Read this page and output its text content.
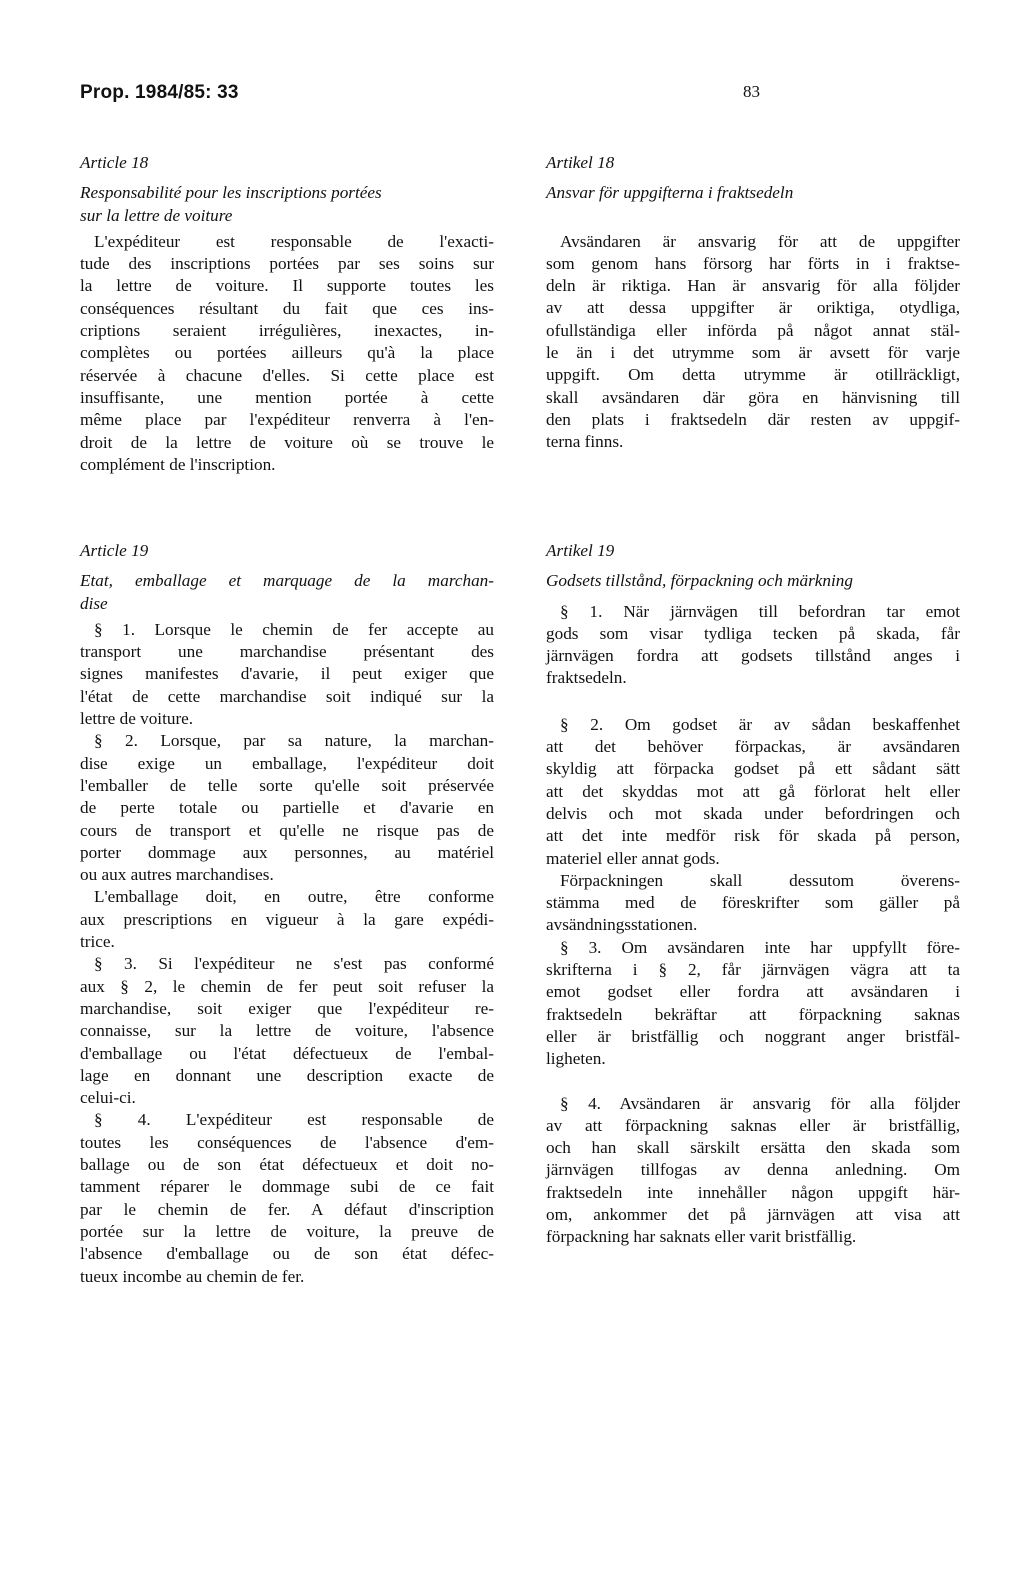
Prop. 1984/85: 33	83
Article 18
Responsabilité pour les inscriptions portées
sur la lettre de voiture
L'expéditeur est responsable de l'exacti-
tude des inscriptions portées par ses soins sur
la lettre de voiture. Il supporte toutes les
conséquences résultant du fait que ces ins-
criptions seraient irrégulières, inexactes, in-
complètes ou portées ailleurs qu'à la place
réservée à chacune d'elles. Si cette place est
insuffisante, une mention portée à cette
même place par l'expéditeur renverra à l'en-
droit de la lettre de voiture où se trouve le
complément de l'inscription.
Artikel 18
Ansvar för uppgifterna i fraktsedeln
Avsändaren är ansvarig för att de uppgifter
som genom hans försorg har förts in i fraktse-
deln är riktiga. Han är ansvarig för alla följder
av att dessa uppgifter är oriktiga, otydliga,
ofullständiga eller införda på något annat stäl-
le än i det utrymme som är avsett för varje
uppgift. Om detta utrymme är otillräckligt,
skall avsändaren där göra en hänvisning till
den plats i fraktsedeln där resten av uppgif-
terna finns.
Article 19
Etat, emballage et marquage de la marchan-
dise
§ 1. Lorsque le chemin de fer accepte au
transport une marchandise présentant des
signes manifestes d'avarie, il peut exiger que
l'état de cette marchandise soit indiqué sur la
lettre de voiture.
§ 2. Lorsque, par sa nature, la marchan-
dise exige un emballage, l'expéditeur doit
l'emballer de telle sorte qu'elle soit préservée
de perte totale ou partielle et d'avarie en
cours de transport et qu'elle ne risque pas de
porter dommage aux personnes, au matériel
ou aux autres marchandises.
L'emballage doit, en outre, être conforme
aux prescriptions en vigueur à la gare expédi-
trice.
§ 3. Si l'expéditeur ne s'est pas conformé
aux § 2, le chemin de fer peut soit refuser la
marchandise, soit exiger que l'expéditeur re-
connaisse, sur la lettre de voiture, l'absence
d'emballage ou l'état défectueux de l'embal-
lage en donnant une description exacte de
celui-ci.
§ 4. L'expéditeur est responsable de
toutes les conséquences de l'absence d'em-
ballage ou de son état défectueux et doit no-
tamment réparer le dommage subi de ce fait
par le chemin de fer. A défaut d'inscription
portée sur la lettre de voiture, la preuve de
l'absence d'emballage ou de son état défec-
tueux incombe au chemin de fer.
Artikel 19
Godsets tillstånd, förpackning och märkning
§ 1. När järnvägen till befordran tar emot
gods som visar tydliga tecken på skada, får
järnvägen fordra att godsets tillstånd anges i
fraktsedeln.
§ 2. Om godset är av sådan beskaffenhet
att det behöver förpackas, är avsändaren
skyldig att förpacka godset på ett sådant sätt
att det skyddas mot att gå förlorat helt eller
delvis och mot skada under befordringen och
att det inte medför risk för skada på person,
materiel eller annat gods.
Förpackningen skall dessutom överens-
stämma med de föreskrifter som gäller på
avsändningsstationen.
§ 3. Om avsändaren inte har uppfyllt före-
skrifterna i § 2, får järnvägen vägra att ta
emot godset eller fordra att avsändaren i
fraktsedeln bekräftar att förpackning saknas
eller är bristfällig och noggrant anger bristfäl-
ligheten.
§ 4. Avsändaren är ansvarig för alla följder
av att förpackning saknas eller är bristfällig,
och han skall särskilt ersätta den skada som
järnvägen tillfogas av denna anledning. Om
fraktsedeln inte innehåller någon uppgift här-
om, ankommer det på järnvägen att visa att
förpackning har saknats eller varit bristfällig.
